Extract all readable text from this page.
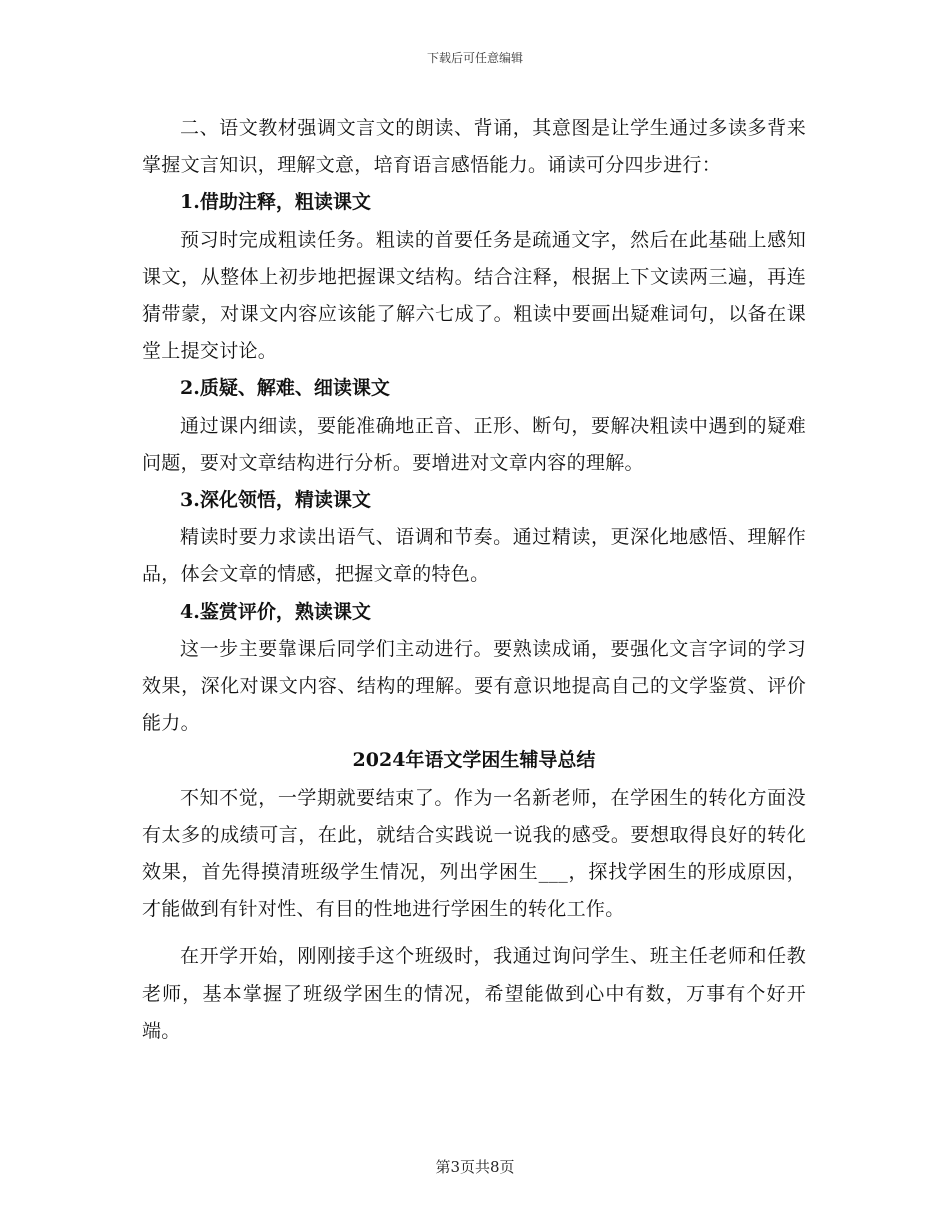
下载后可任意编辑

二、语文教材强调文言文的朗读、背诵，其意图是让学生通过多读多背来掌握文言知识，理解文意，培育语言感悟能力。诵读可分四步进行：

1.借助注释，粗读课文

预习时完成粗读任务。粗读的首要任务是疏通文字，然后在此基础上感知课文，从整体上初步地把握课文结构。结合注释，根据上下文读两三遍，再连猜带蒙，对课文内容应该能了解六七成了。粗读中要画出疑难词句，以备在课堂上提交讨论。

2.质疑、解难、细读课文

通过课内细读，要能准确地正音、正形、断句，要解决粗读中遇到的疑难问题，要对文章结构进行分析。要增进对文章内容的理解。

3.深化领悟，精读课文

精读时要力求读出语气、语调和节奏。通过精读，更深化地感悟、理解作品，体会文章的情感，把握文章的特色。

4.鉴赏评价，熟读课文

这一步主要靠课后同学们主动进行。要熟读成诵，要强化文言字词的学习效果，深化对课文内容、结构的理解。要有意识地提高自己的文学鉴赏、评价能力。

2024年语文学困生辅导总结

不知不觉，一学期就要结束了。作为一名新老师，在学困生的转化方面没有太多的成绩可言，在此，就结合实践说一说我的感受。要想取得良好的转化效果，首先得摸清班级学生情况，列出学困生___，探找学困生的形成原因，才能做到有针对性、有目的性地进行学困生的转化工作。

在开学开始，刚刚接手这个班级时，我通过询问学生、班主任老师和任教老师，基本掌握了班级学困生的情况，希望能做到心中有数，万事有个好开端。

第3页共8页
